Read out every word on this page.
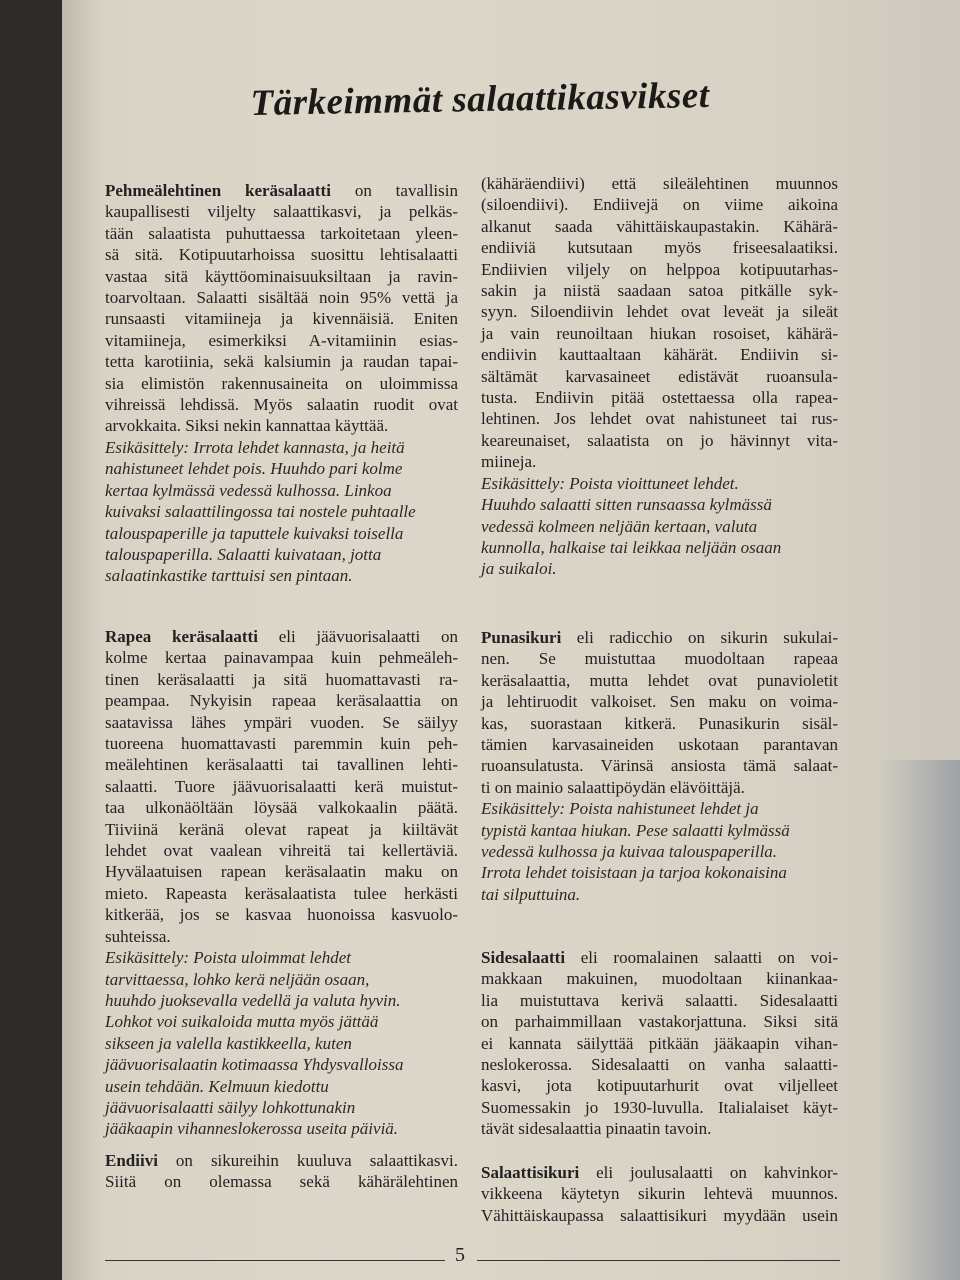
Tärkeimmät salaattikasvikset
Pehmeälehtinen keräsalaatti on tavallisin
kaupallisesti viljelty salaattikasvi, ja pelkäs-
tään salaatista puhuttaessa tarkoitetaan yleen-
sä sitä. Kotipuutarhoissa suosittu lehtisalaatti
vastaa sitä käyttöominaisuuksiltaan ja ravin-
toarvoltaan. Salaatti sisältää noin 95% vettä ja
runsaasti vitamiineja ja kivennäisiä. Eniten
vitamiineja, esimerkiksi A-vitamiinin esias-
tetta karotiinia, sekä kalsiumin ja raudan tapai-
sia elimistön rakennusaineita on uloimmissa
vihreissä lehdissä. Myös salaatin ruodit ovat
arvokkaita. Siksi nekin kannattaa käyttää.
Esikäsittely: Irrota lehdet kannasta, ja heitä
nahistuneet lehdet pois. Huuhdo pari kolme
kertaa kylmässä vedessä kulhossa. Linkoa
kuivaksi salaattilingossa tai nostele puhtaalle
talouspaperille ja taputtele kuivaksi toisella
talouspaperilla. Salaatti kuivataan, jotta
salaatinkastike tarttuisi sen pintaan.
Rapea keräsalaatti eli jäävuorisalaatti on
kolme kertaa painavampaa kuin pehmeäleh-
tinen keräsalaatti ja sitä huomattavasti ra-
peampaa. Nykyisin rapeaa keräsalaattia on
saatavissa lähes ympäri vuoden. Se säilyy
tuoreena huomattavasti paremmin kuin peh-
meälehtinen keräsalaatti tai tavallinen lehti-
salaatti. Tuore jäävuorisalaatti kerä muistut-
taa ulkonäöltään löysää valkokaalin päätä.
Tiiviinä keränä olevat rapeat ja kiiltävät
lehdet ovat vaalean vihreitä tai kellertäviä.
Hyvälaatuisen rapean keräsalaatin maku on
mieto. Rapeasta keräsalaatista tulee herkästi
kitkerää, jos se kasvaa huonoissa kasvuolo-
suhteissa.
Esikäsittely: Poista uloimmat lehdet
tarvittaessa, lohko kerä neljään osaan,
huuhdo juoksevalla vedellä ja valuta hyvin.
Lohkot voi suikaloida mutta myös jättää
sikseen ja valella kastikkeella, kuten
jäävuorisalaatin kotimaassa Yhdysvalloissa
usein tehdään. Kelmuun kiedottu
jäävuorisalaatti säilyy lohkottunakin
jääkaapin vihanneslokerossa useita päiviä.
Endiivi on sikureihin kuuluva salaattikasvi.
Siitä on olemassa sekä kähärälehtinen
(kähäräendiivi) että sileälehtinen muunnos
(siloendiivi). Endiivejä on viime aikoina
alkanut saada vähittäiskaupastakin. Kähärä-
endiiviä kutsutaan myös friseesalaatiksi.
Endiivien viljely on helppoa kotipuutarhas-
sakin ja niistä saadaan satoa pitkälle syk-
syyn. Siloendiivin lehdet ovat leveät ja sileät
ja vain reunoiltaan hiukan rosoiset, kähärä-
endiivin kauttaaltaan kähärät. Endiivin si-
sältämät karvasaineet edistävät ruoansula-
tusta. Endiivin pitää ostettaessa olla rapea-
lehtinen. Jos lehdet ovat nahistuneet tai rus-
keareunaiset, salaatista on jo hävinnyt vita-
miineja.
Esikäsittely: Poista vioittuneet lehdet.
Huuhdo salaatti sitten runsaassa kylmässä
vedessä kolmeen neljään kertaan, valuta
kunnolla, halkaise tai leikkaa neljään osaan
ja suikaloi.
Punasikuri eli radicchio on sikurin sukulai-
nen. Se muistuttaa muodoltaan rapeaa
keräsalaattia, mutta lehdet ovat punavioletit
ja lehtiruodit valkoiset. Sen maku on voima-
kas, suorastaan kitkerä. Punasikurin sisäl-
tämien karvasaineiden uskotaan parantavan
ruoansulatusta. Värinsä ansiosta tämä salaat-
ti on mainio salaattipöydän elävöittäjä.
Esikäsittely: Poista nahistuneet lehdet ja
typistä kantaa hiukan. Pese salaatti kylmässä
vedessä kulhossa ja kuivaa talouspaperilla.
Irrota lehdet toisistaan ja tarjoa kokonaisina
tai silputtuina.
Sidesalaatti eli roomalainen salaatti on voi-
makkaan makuinen, muodoltaan kiinankaa-
lia muistuttava kerivä salaatti. Sidesalaatti
on parhaimmillaan vastakorjattuna. Siksi sitä
ei kannata säilyttää pitkään jääkaapin vihan-
neslokerossa. Sidesalaatti on vanha salaatti-
kasvi, jota kotipuutarhurit ovat viljelleet
Suomessakin jo 1930-luvulla. Italialaiset käyt-
tävät sidesalaattia pinaatin tavoin.
Salaattisikuri eli joulusalaatti on kahvinkor-
vikkeena käytetyn sikurin lehtevä muunnos.
Vähittäiskaupassa salaattisikuri myydään usein
5
